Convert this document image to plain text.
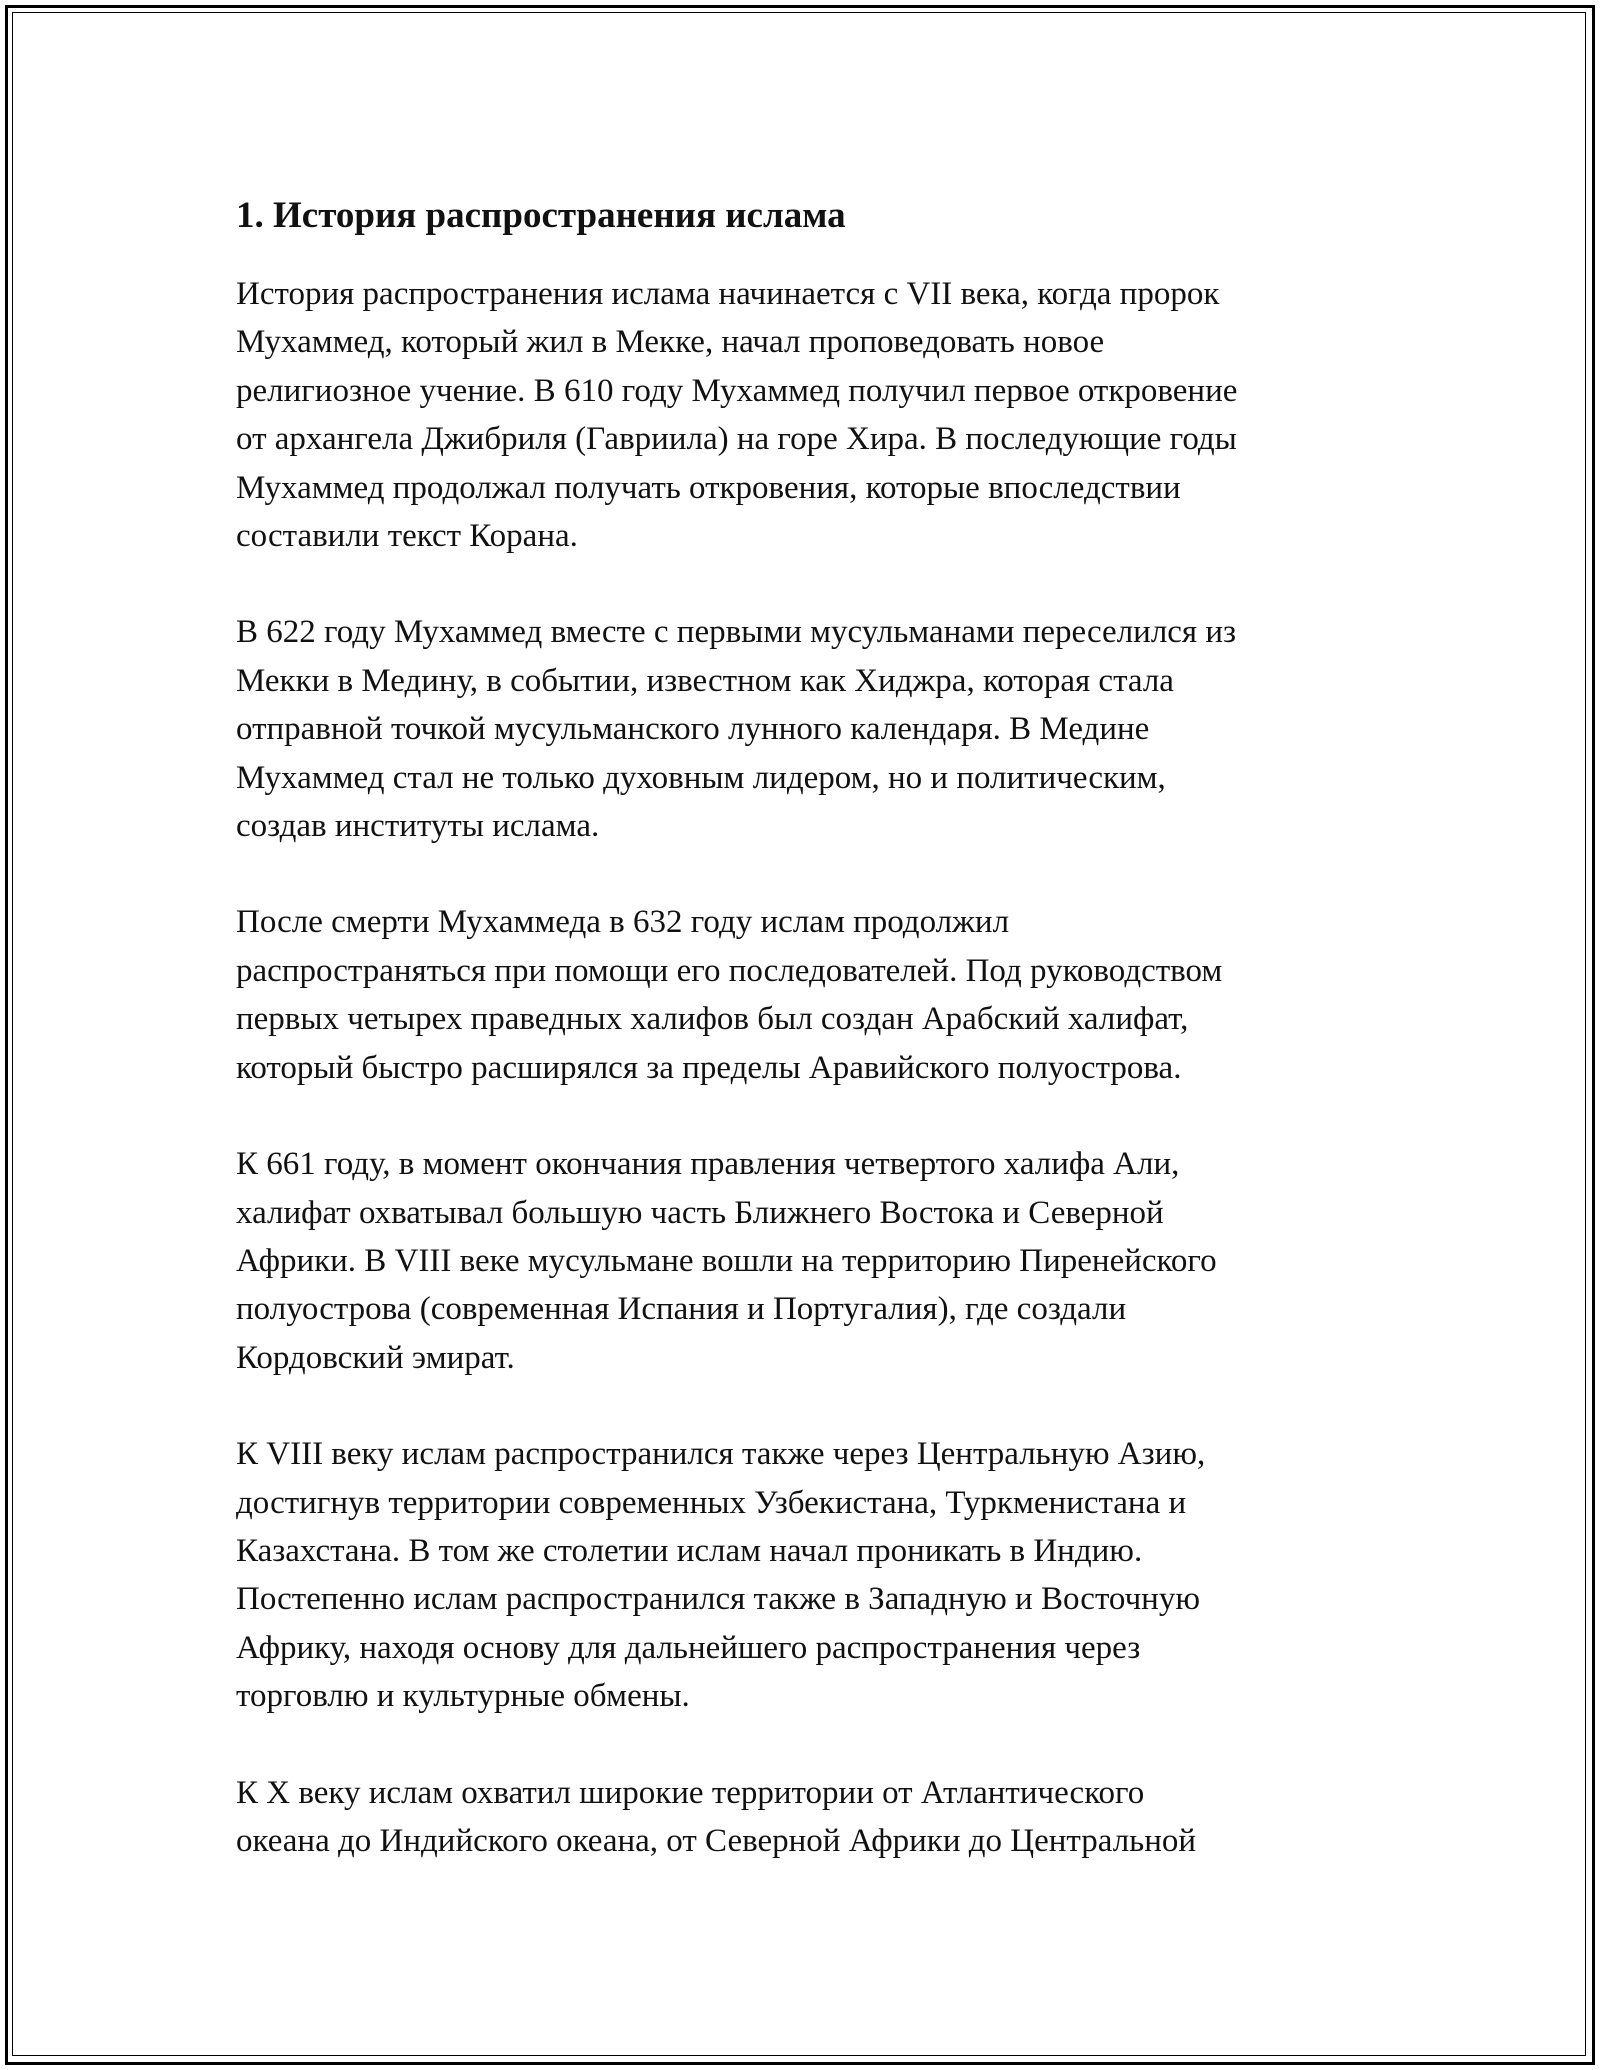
1. История распространения ислама

История распространения ислама начинается с VII века, когда пророк
Мухаммед, который жил в Мекке, начал проповедовать новое
религиозное учение. В 610 году Мухаммед получил первое откровение
от архангела Джибриля (Гавриила) на горе Хира. В последующие годы
Мухаммед продолжал получать откровения, которые впоследствии
составили текст Корана.

В 622 году Мухаммед вместе с первыми мусульманами переселился из
Мекки в Медину, в событии, известном как Хиджра, которая стала
отправной точкой мусульманского лунного календаря. В Медине
Мухаммед стал не только духовным лидером, но и политическим,
создав институты ислама.

После смерти Мухаммеда в 632 году ислам продолжил
распространяться при помощи его последователей. Под руководством
первых четырех праведных халифов был создан Арабский халифат,
который быстро расширялся за пределы Аравийского полуострова.

К 661 году, в момент окончания правления четвертого халифа Али,
халифат охватывал большую часть Ближнего Востока и Северной
Африки. В VIII веке мусульмане вошли на территорию Пиренейского
полуострова (современная Испания и Португалия), где создали
Кордовский эмират.

К VIII веку ислам распространился также через Центральную Азию,
достигнув территории современных Узбекистана, Туркменистана и
Казахстана. В том же столетии ислам начал проникать в Индию.
Постепенно ислам распространился также в Западную и Восточную
Африку, находя основу для дальнейшего распространения через
торговлю и культурные обмены.

К X веку ислам охватил широкие территории от Атлантического
океана до Индийского океана, от Северной Африки до Центральной
